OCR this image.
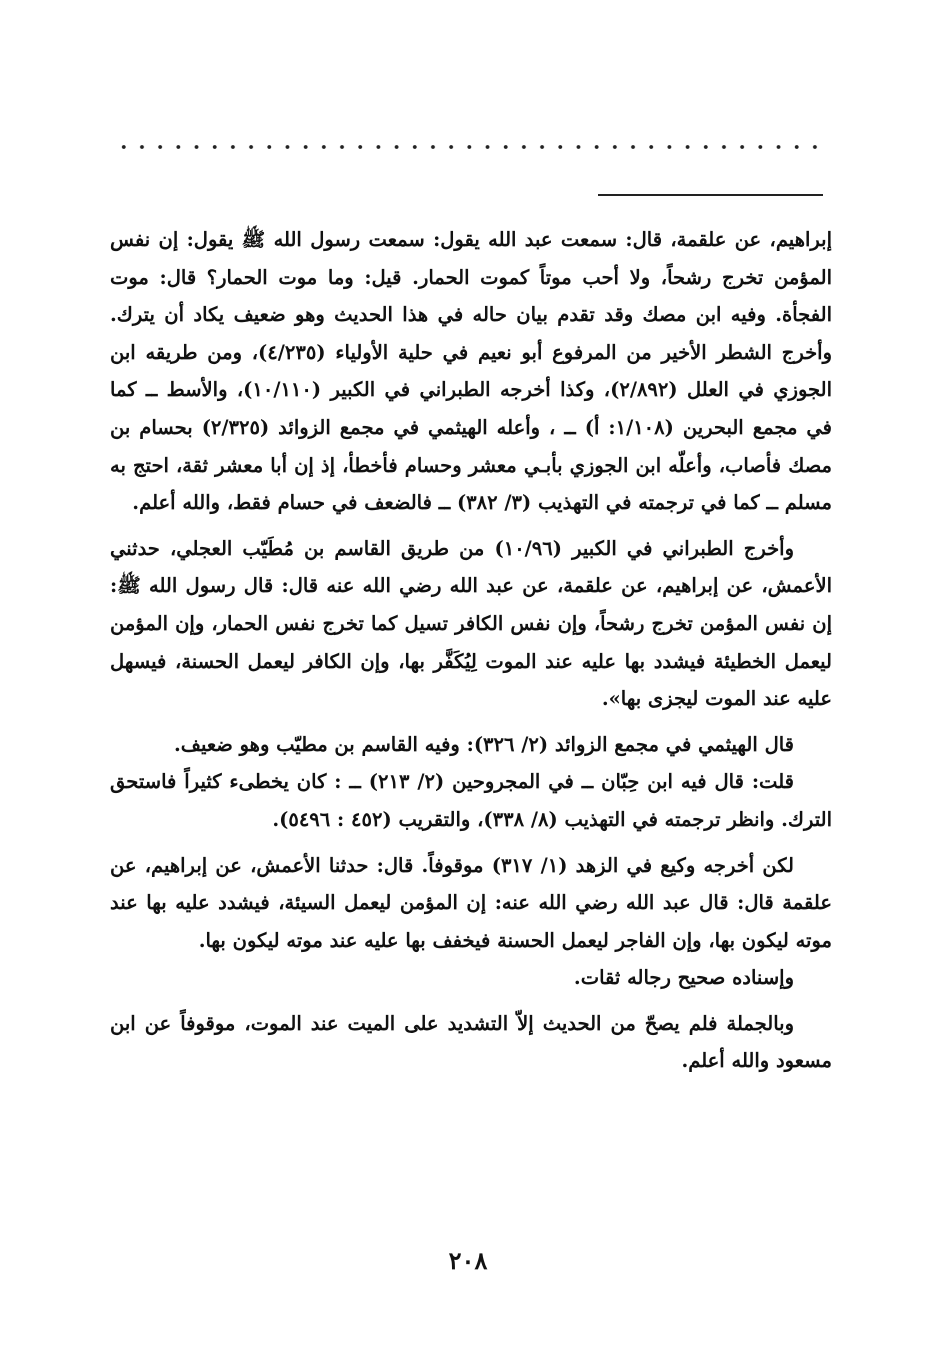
إبراهيم، عن علقمة، قال: سمعت عبد الله يقول: سمعت رسول الله ﷺ يقول: إن نفس المؤمن تخرج رشحاً، ولا أحب موتاً كموت الحمار. قيل: وما موت الحمار؟ قال: موت الفجأة. وفيه ابن مصك وقد تقدم بيان حاله في هذا الحديث وهو ضعيف يكاد أن يترك. وأخرج الشطر الأخير من المرفوع أبو نعيم في حلية الأولياء (٤/٢٣٥)، ومن طريقه ابن الجوزي في العلل (٢/٨٩٢)، وكذا أخرجه الطبراني في الكبير (١٠/١١٠)، والأسط ــ كما في مجمع البحرين (١/١٠٨: أ) ــ ، وأعله الهيثمي في مجمع الزوائد (٢/٣٢٥) بحسام بن مصك فأصاب، وأعلّه ابن الجوزي بأبـي معشر وحسام فأخطأ، إذ إن أبا معشر ثقة، احتج به مسلم ــ كما في ترجمته في التهذيب (٣/ ٣٨٢) ــ فالضعف في حسام فقط، والله أعلم.

وأخرج الطبراني في الكبير (١٠/٩٦) من طريق القاسم بن مُطَيّب العجلي، حدثني الأعمش، عن إبراهيم، عن علقمة، عن عبد الله رضي الله عنه قال: قال رسول الله ﷺ: إن نفس المؤمن تخرج رشحاً، وإن نفس الكافر تسيل كما تخرج نفس الحمار، وإن المؤمن ليعمل الخطيئة فيشدد بها عليه عند الموت لِيُكَفَّر بها، وإن الكافر ليعمل الحسنة، فيسهل عليه عند الموت ليجزى بها».

قال الهيثمي في مجمع الزوائد (٢/ ٣٢٦): وفيه القاسم بن مطيّب وهو ضعيف.

قلت: قال فيه ابن حِبّان ــ في المجروحين (٢/ ٢١٣) ــ : كان يخطىء كثيراً فاستحق الترك. وانظر ترجمته في التهذيب (٨/ ٣٣٨)، والتقريب (٤٥٢ : ٥٤٩٦).

لكن أخرجه وكيع في الزهد (١/ ٣١٧) موقوفاً. قال: حدثنا الأعمش، عن إبراهيم، عن علقمة قال: قال عبد الله رضي الله عنه: إن المؤمن ليعمل السيئة، فيشدد عليه بها عند موته ليكون بها، وإن الفاجر ليعمل الحسنة فيخفف بها عليه عند موته ليكون بها.

وإسناده صحيح رجاله ثقات.

وبالجملة فلم يصحّ من الحديث إلاّ التشديد على الميت عند الموت، موقوفاً عن ابن مسعود والله أعلم.

٢٠٨
